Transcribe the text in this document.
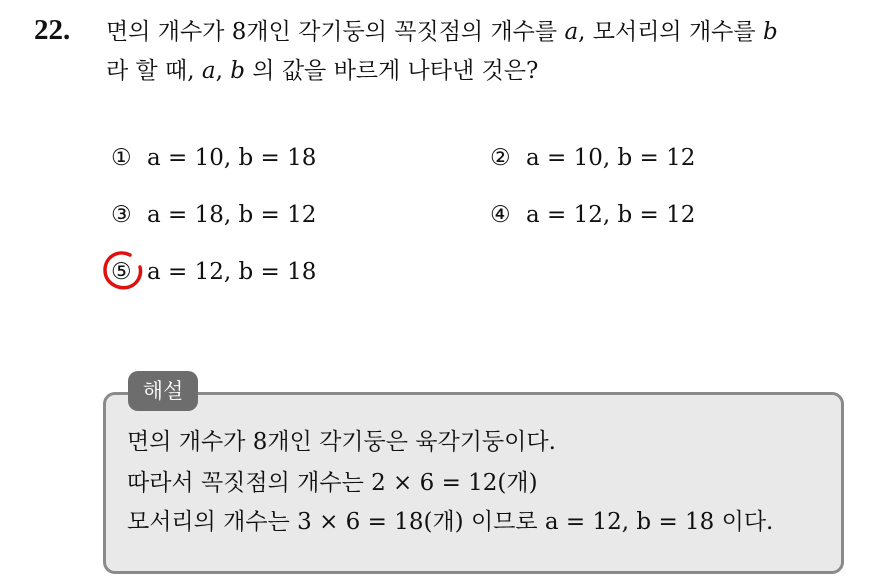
22. 면의 개수가 8개인 각기둥의 꼭짓점의 개수를 a, 모서리의 개수를 b
라 할 때, a, b 의 값을 바르게 나타낸 것은?
① a = 10, b = 18	② a = 10, b = 12
③ a = 18, b = 12	④ a = 12, b = 12
⑤ a = 12, b = 18
해설
면의 개수가 8개인 각기둥은 육각기둥이다.
따라서 꼭짓점의 개수는 2 × 6 = 12(개)
모서리의 개수는 3 × 6 = 18(개) 이므로 a = 12, b = 18 이다.
